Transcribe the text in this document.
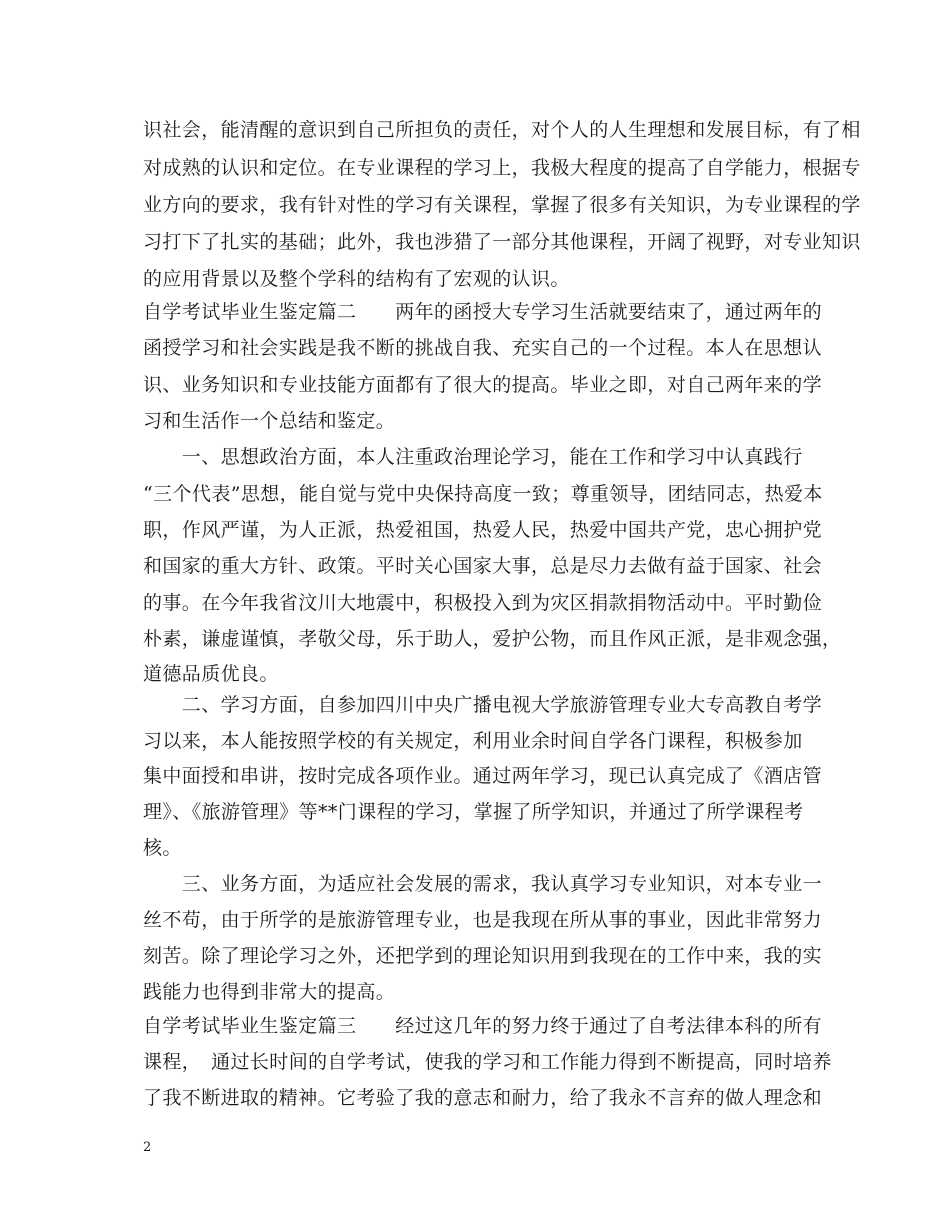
识社会，能清醒的意识到自己所担负的责任，对个人的人生理想和发展目标，有了相
对成熟的认识和定位。在专业课程的学习上，我极大程度的提高了自学能力，根据专
业方向的要求，我有针对性的学习有关课程，掌握了很多有关知识，为专业课程的学
习打下了扎实的基础；此外，我也涉猎了一部分其他课程，开阔了视野，对专业知识
的应用背景以及整个学科的结构有了宏观的认识。
自学考试毕业生鉴定篇二　　两年的函授大专学习生活就要结束了，通过两年的
函授学习和社会实践是我不断的挑战自我、充实自己的一个过程。本人在思想认
识、业务知识和专业技能方面都有了很大的提高。毕业之即，对自己两年来的学
习和生活作一个总结和鉴定。
　　一、思想政治方面，本人注重政治理论学习，能在工作和学习中认真践行
“三个代表”思想，能自觉与党中央保持高度一致；尊重领导，团结同志，热爱本
职，作风严谨，为人正派，热爱祖国，热爱人民，热爱中国共产党，忠心拥护党
和国家的重大方针、政策。平时关心国家大事，总是尽力去做有益于国家、社会
的事。在今年我省汶川大地震中，积极投入到为灾区捐款捐物活动中。平时勤俭
朴素，谦虚谨慎，孝敬父母，乐于助人，爱护公物，而且作风正派，是非观念强，
道德品质优良。
　　二、学习方面，自参加四川中央广播电视大学旅游管理专业大专高教自考学
习以来，本人能按照学校的有关规定，利用业余时间自学各门课程，积极参加
集中面授和串讲，按时完成各项作业。通过两年学习，现已认真完成了《酒店管
理》、《旅游管理》等**门课程的学习，掌握了所学知识，并通过了所学课程考
核。
　　三、业务方面，为适应社会发展的需求，我认真学习专业知识，对本专业一
丝不苟，由于所学的是旅游管理专业，也是我现在所从事的事业，因此非常努力
刻苦。除了理论学习之外，还把学到的理论知识用到我现在的工作中来，我的实
践能力也得到非常大的提高。
自学考试毕业生鉴定篇三　　经过这几年的努力终于通过了自考法律本科的所有
课程，　通过长时间的自学考试，使我的学习和工作能力得到不断提高，同时培养
了我不断进取的精神。它考验了我的意志和耐力，给了我永不言弃的做人理念和
2
